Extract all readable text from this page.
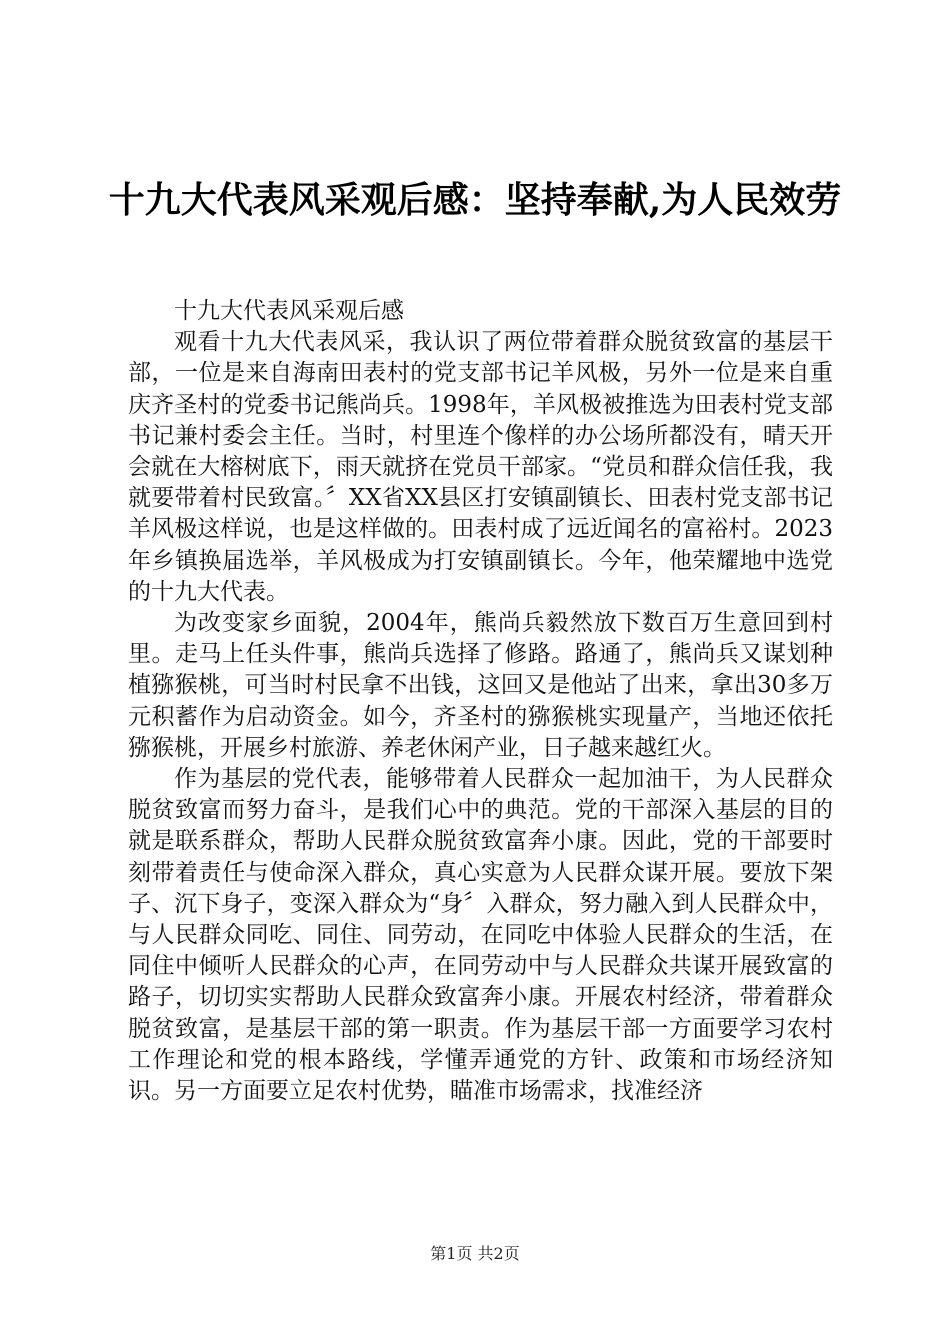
十九大代表风采观后感：坚持奉献,为人民效劳

十九大代表风采观后感

观看十九大代表风采，我认识了两位带着群众脱贫致富的基层干部，一位是来自海南田表村的党支部书记羊风极，另外一位是来自重庆齐圣村的党委书记熊尚兵。1998年，羊风极被推选为田表村党支部书记兼村委会主任。当时，村里连个像样的办公场所都没有，晴天开会就在大榕树底下，雨天就挤在党员干部家。“党员和群众信任我，我就要带着村民致富。〞XX省XX县区打安镇副镇长、田表村党支部书记羊风极这样说，也是这样做的。田表村成了远近闻名的富裕村。2023年乡镇换届选举，羊风极成为打安镇副镇长。今年，他荣耀地中选党的十九大代表。

为改变家乡面貌，2004年，熊尚兵毅然放下数百万生意回到村里。走马上任头件事，熊尚兵选择了修路。路通了，熊尚兵又谋划种植猕猴桃，可当时村民拿不出钱，这回又是他站了出来，拿出30多万元积蓄作为启动资金。如今，齐圣村的猕猴桃实现量产，当地还依托猕猴桃，开展乡村旅游、养老休闲产业，日子越来越红火。

作为基层的党代表，能够带着人民群众一起加油干，为人民群众脱贫致富而努力奋斗，是我们心中的典范。党的干部深入基层的目的就是联系群众，帮助人民群众脱贫致富奔小康。因此，党的干部要时刻带着责任与使命深入群众，真心实意为人民群众谋开展。要放下架子、沉下身子，变深入群众为“身〞入群众，努力融入到人民群众中，与人民群众同吃、同住、同劳动，在同吃中体验人民群众的生活，在同住中倾听人民群众的心声，在同劳动中与人民群众共谋开展致富的路子，切切实实帮助人民群众致富奔小康。开展农村经济，带着群众脱贫致富，是基层干部的第一职责。作为基层干部一方面要学习农村工作理论和党的根本路线，学懂弄通党的方针、政策和市场经济知识。另一方面要立足农村优势，瞄准市场需求，找准经济

第1页 共2页
